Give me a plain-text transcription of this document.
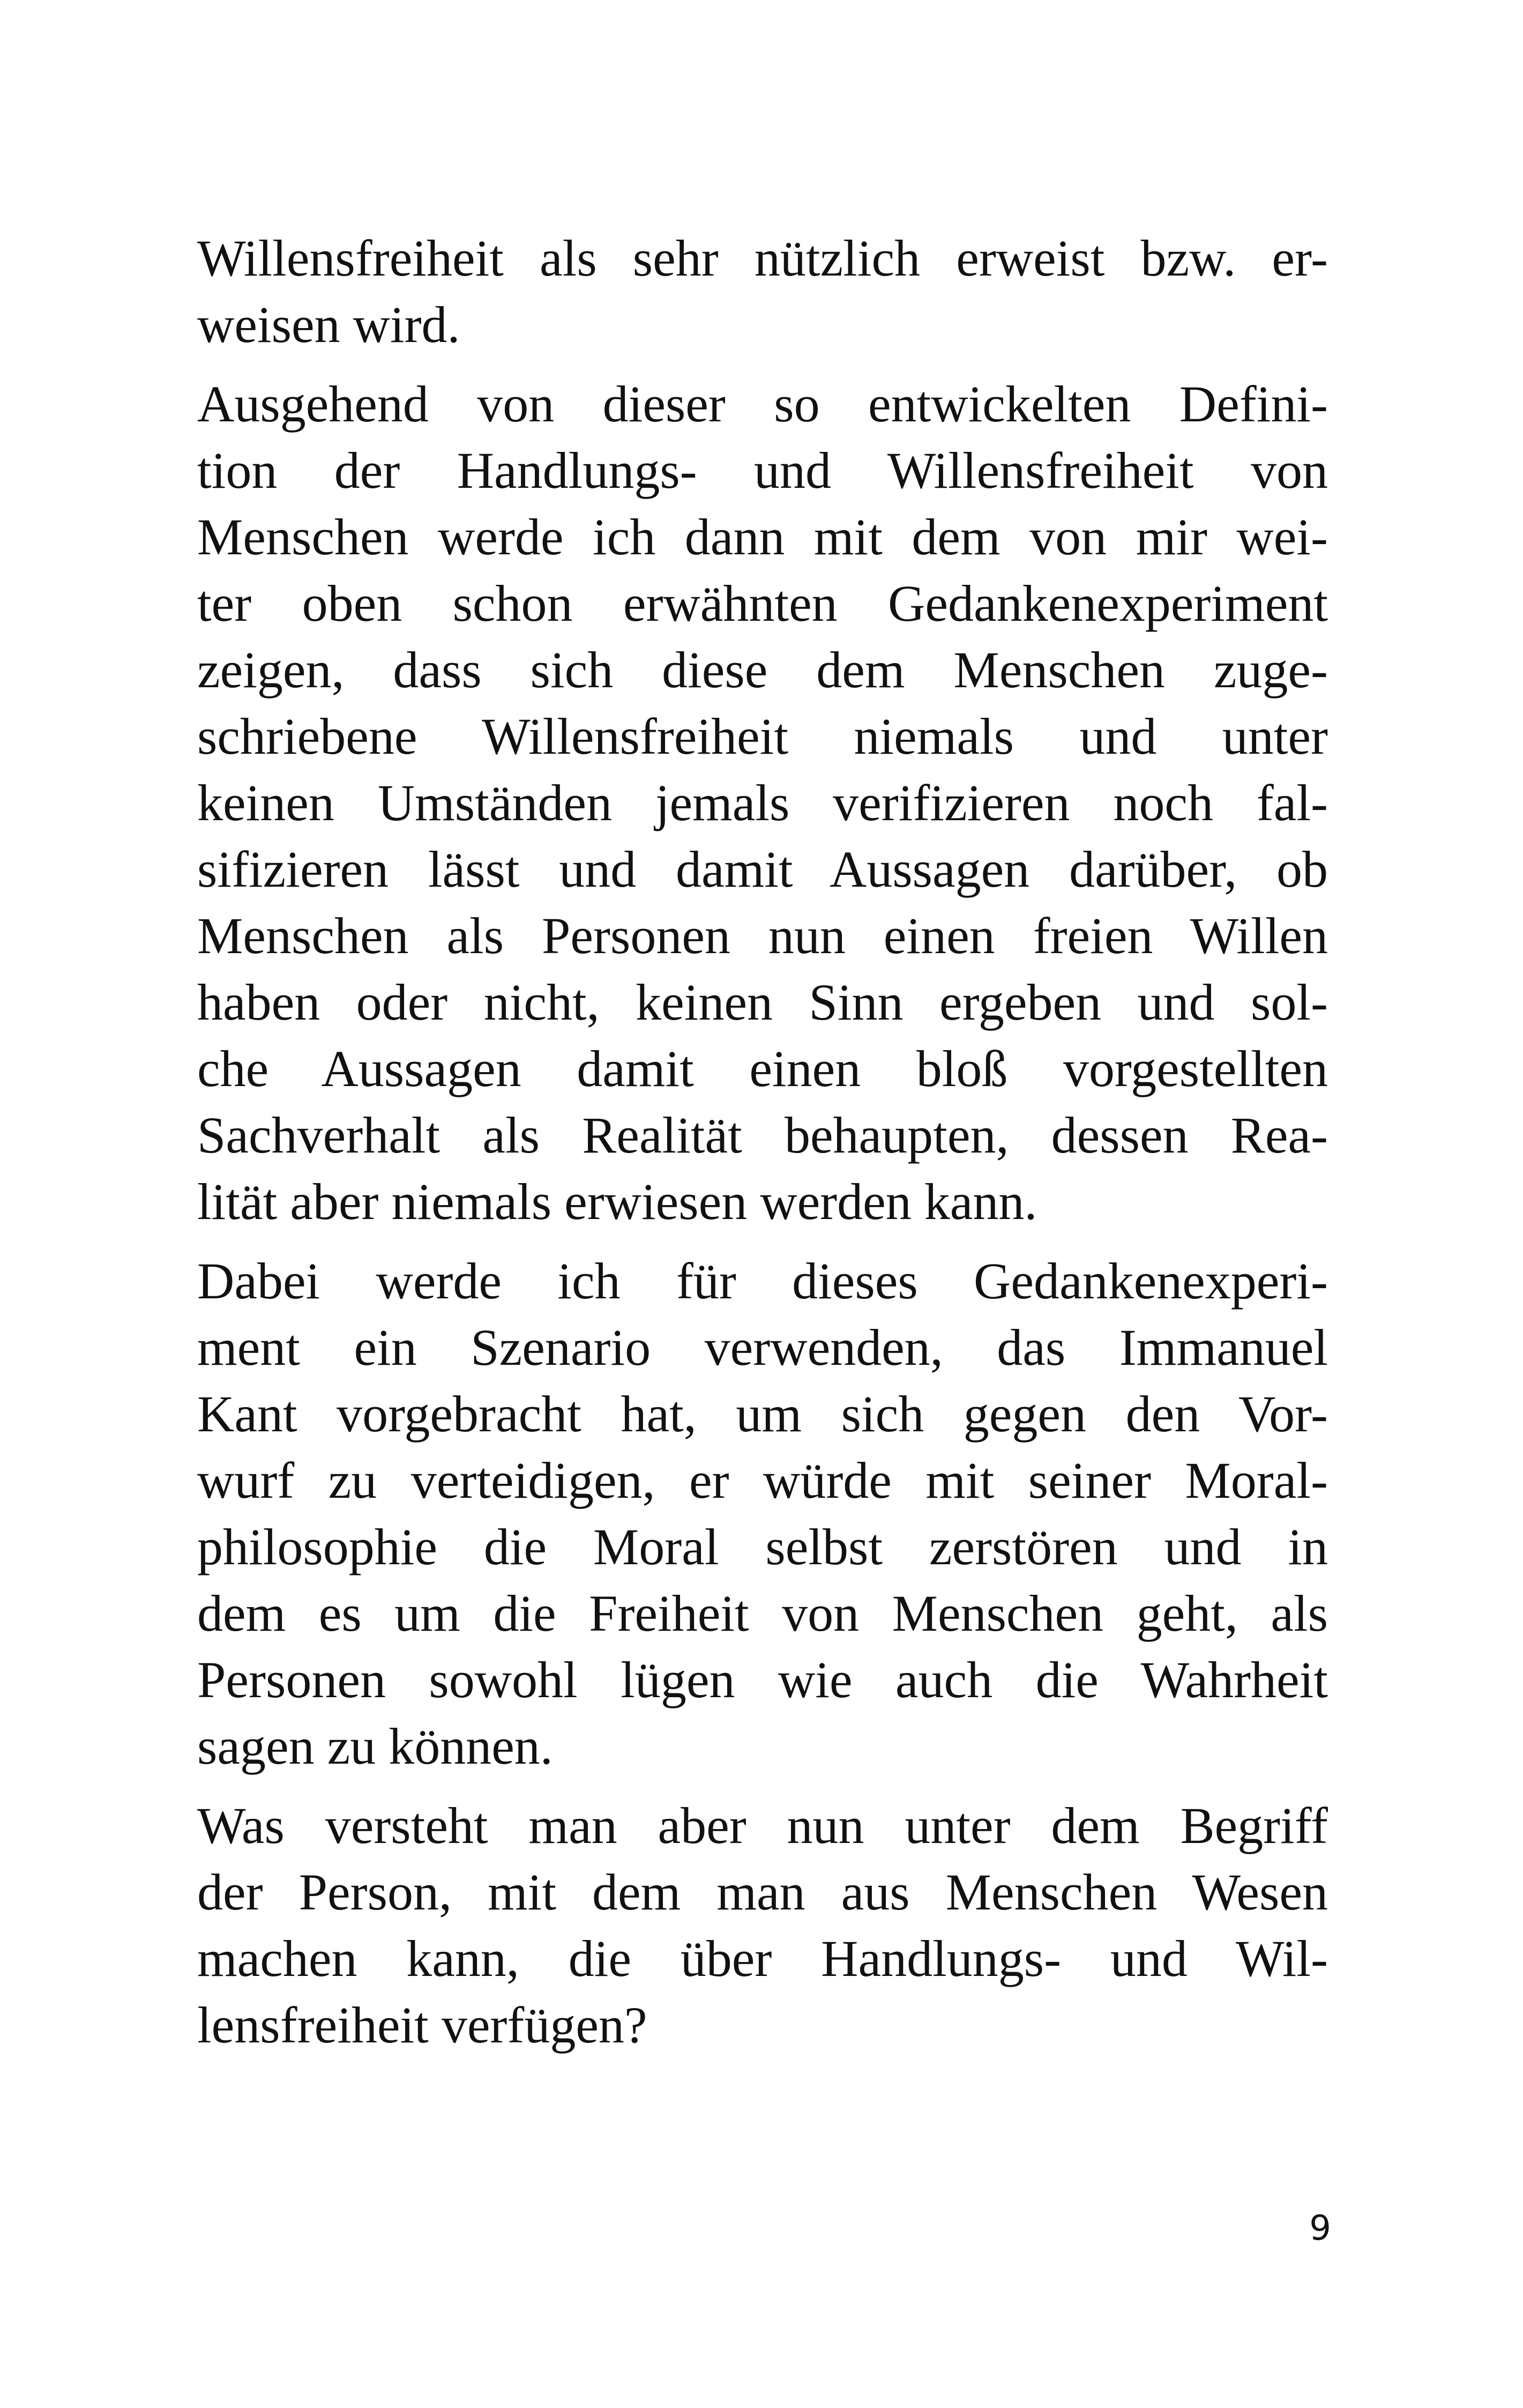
Willensfreiheit als sehr nützlich erweist bzw. er-
weisen wird.
Ausgehend von dieser so entwickelten Defini-
tion der Handlungs- und Willensfreiheit von
Menschen werde ich dann mit dem von mir wei-
ter oben schon erwähnten Gedankenexperiment
zeigen, dass sich diese dem Menschen zuge-
schriebene Willensfreiheit niemals und unter
keinen Umständen jemals verifizieren noch fal-
sifizieren lässt und damit Aussagen darüber, ob
Menschen als Personen nun einen freien Willen
haben oder nicht, keinen Sinn ergeben und sol-
che Aussagen damit einen bloß vorgestellten
Sachverhalt als Realität behaupten, dessen Rea-
lität aber niemals erwiesen werden kann.
Dabei werde ich für dieses Gedankenexperi-
ment ein Szenario verwenden, das Immanuel
Kant vorgebracht hat, um sich gegen den Vor-
wurf zu verteidigen, er würde mit seiner Moral-
philosophie die Moral selbst zerstören und in
dem es um die Freiheit von Menschen geht, als
Personen sowohl lügen wie auch die Wahrheit
sagen zu können.
Was versteht man aber nun unter dem Begriff
der Person, mit dem man aus Menschen Wesen
machen kann, die über Handlungs- und Wil-
lensfreiheit verfügen?
9
